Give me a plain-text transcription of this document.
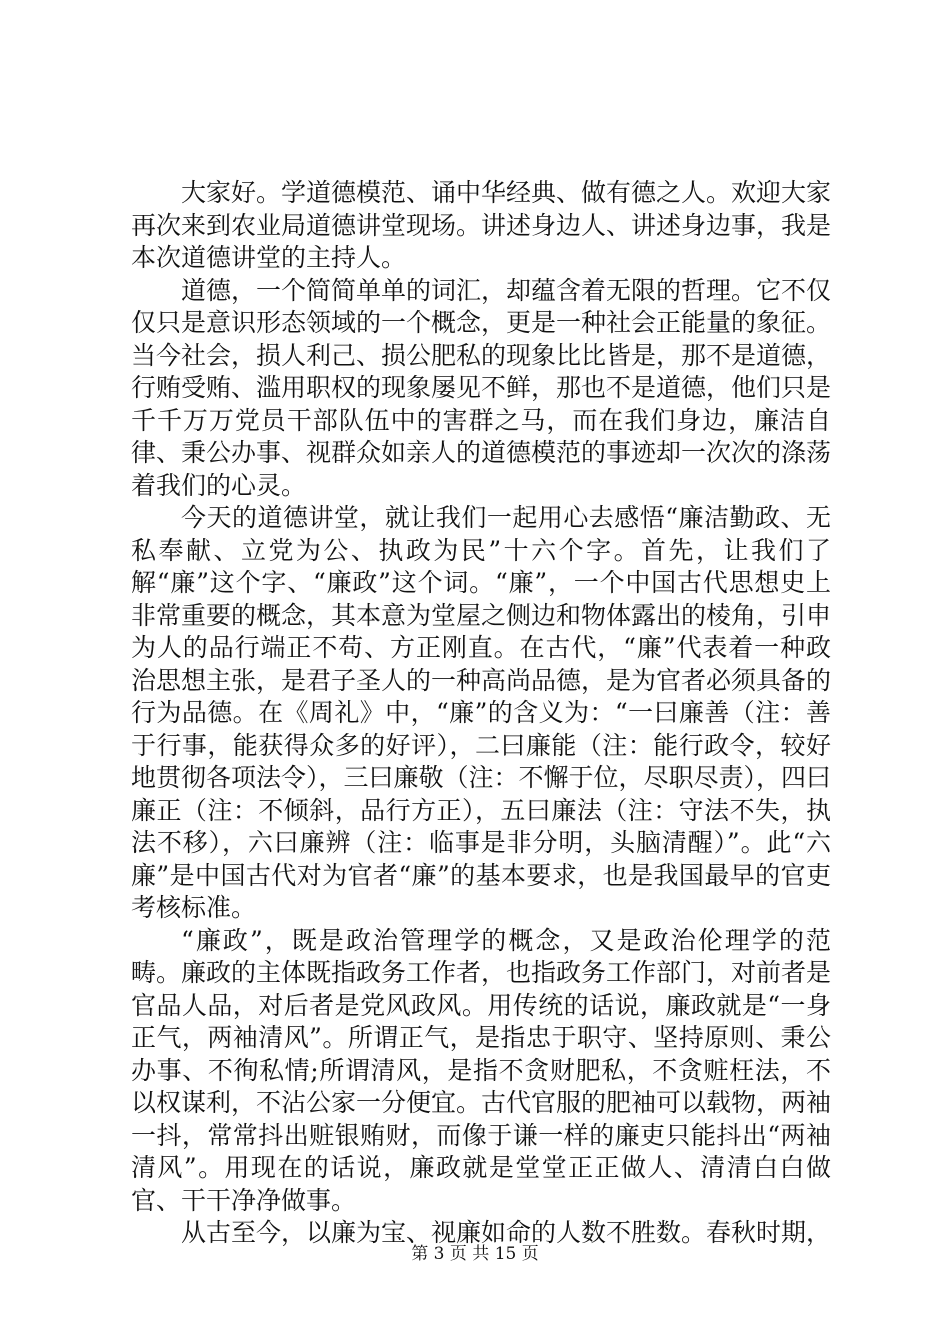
大家好。学道德模范、诵中华经典、做有德之人。欢迎大家再次来到农业局道德讲堂现场。讲述身边人、讲述身边事，我是本次道德讲堂的主持人。

道德，一个简简单单的词汇，却蕴含着无限的哲理。它不仅仅只是意识形态领域的一个概念，更是一种社会正能量的象征。当今社会，损人利己、损公肥私的现象比比皆是，那不是道德，行贿受贿、滥用职权的现象屡见不鲜，那也不是道德，他们只是千千万万党员干部队伍中的害群之马，而在我们身边，廉洁自律、秉公办事、视群众如亲人的道德模范的事迹却一次次的涤荡着我们的心灵。

今天的道德讲堂，就让我们一起用心去感悟“廉洁勤政、无私奉献、立党为公、执政为民”十六个字。首先，让我们了解“廉”这个字、“廉政”这个词。“廉”，一个中国古代思想史上非常重要的概念，其本意为堂屋之侧边和物体露出的棱角，引申为人的品行端正不苟、方正刚直。在古代，“廉”代表着一种政治思想主张，是君子圣人的一种高尚品德，是为官者必须具备的行为品德。在《周礼》中，“廉”的含义为：“一曰廉善（注：善于行事，能获得众多的好评），二曰廉能（注：能行政令，较好地贯彻各项法令），三曰廉敬（注：不懈于位，尽职尽责），四曰廉正（注：不倾斜，品行方正），五曰廉法（注：守法不失，执法不移），六曰廉辨（注：临事是非分明，头脑清醒）”。此“六廉”是中国古代对为官者“廉”的基本要求，也是我国最早的官吏考核标准。

“廉政”，既是政治管理学的概念，又是政治伦理学的范畴。廉政的主体既指政务工作者，也指政务工作部门，对前者是官品人品，对后者是党风政风。用传统的话说，廉政就是“一身正气，两袖清风”。所谓正气，是指忠于职守、坚持原则、秉公办事、不徇私情;所谓清风，是指不贪财肥私，不贪赃枉法，不以权谋利，不沾公家一分便宜。古代官服的肥袖可以载物，两袖一抖，常常抖出赃银贿财，而像于谦一样的廉吏只能抖出“两袖清风”。用现在的话说，廉政就是堂堂正正做人、清清白白做官、干干净净做事。

从古至今，以廉为宝、视廉如命的人数不胜数。春秋时期，

第 3 页 共 15 页
